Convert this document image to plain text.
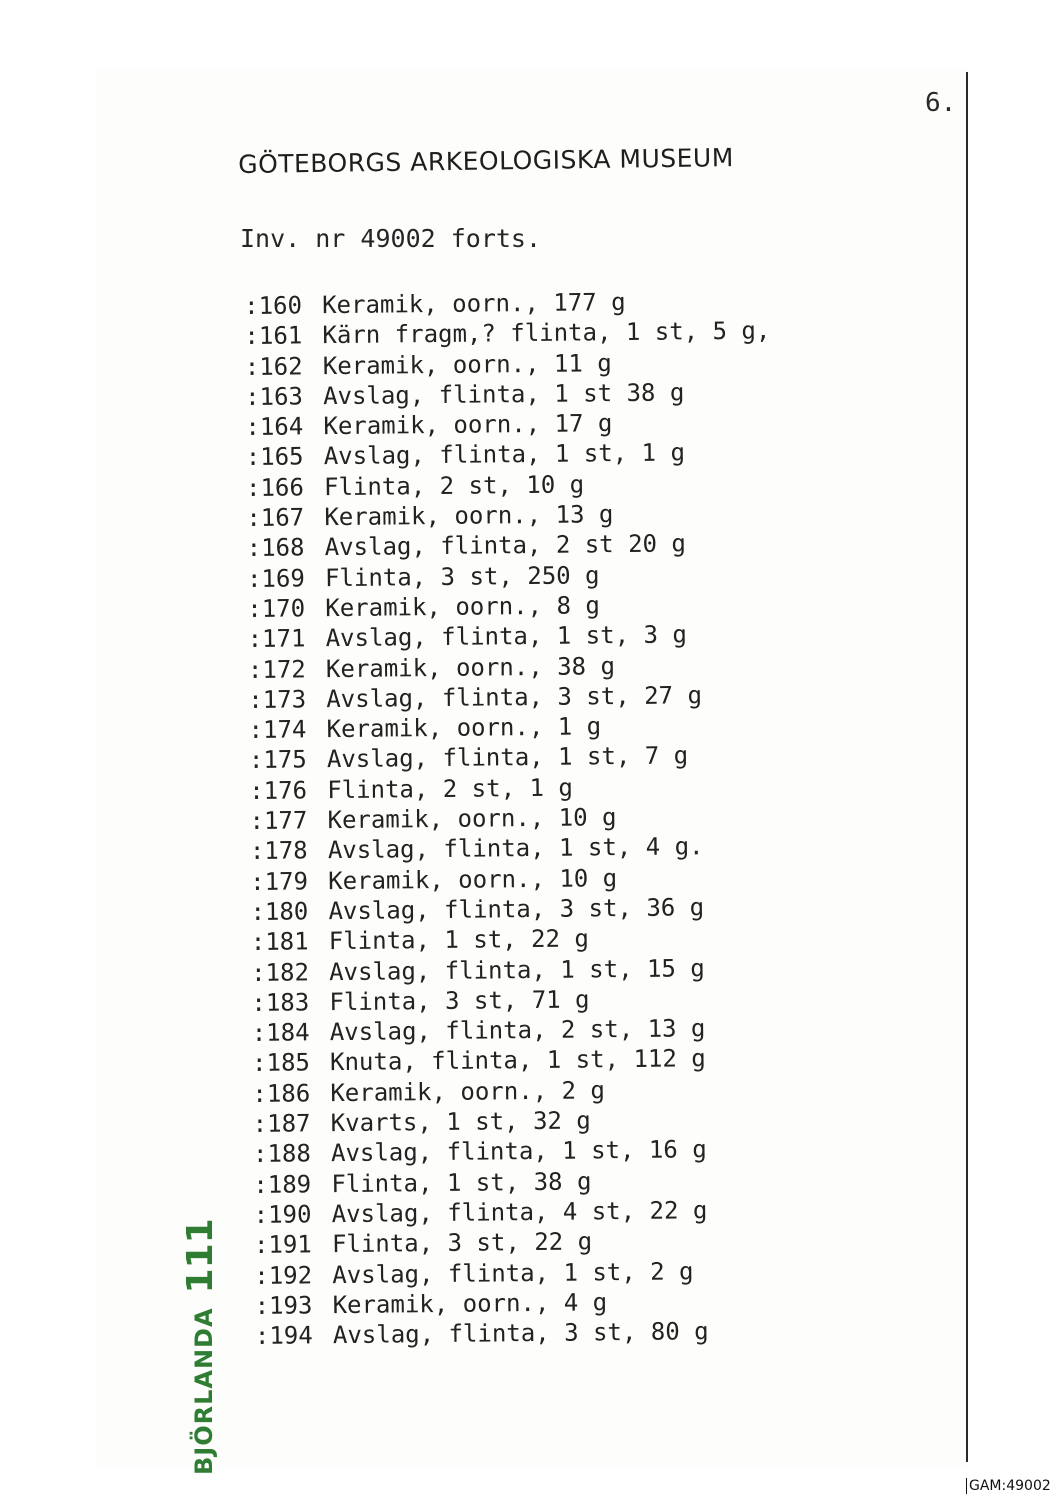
6.
GÖTEBORGS ARKEOLOGISKA MUSEUM
Inv. nr 49002 forts.
:160 Keramik, oorn., 177 g
:161 Kärn fragm,? flinta, 1 st, 5 g,
:162 Keramik, oorn., 11 g
:163 Avslag, flinta, 1 st 38 g
:164 Keramik, oorn., 17 g
:165 Avslag, flinta, 1 st, 1 g
:166 Flinta, 2 st, 10 g
:167 Keramik, oorn., 13 g
:168 Avslag, flinta, 2 st 20 g
:169 Flinta, 3 st, 250 g
:170 Keramik, oorn., 8 g
:171 Avslag, flinta, 1 st, 3 g
:172 Keramik, oorn., 38 g
:173 Avslag, flinta, 3 st, 27 g
:174 Keramik, oorn., 1 g
:175 Avslag, flinta, 1 st, 7 g
:176 Flinta, 2 st, 1 g
:177 Keramik, oorn., 10 g
:178 Avslag, flinta, 1 st, 4 g.
:179 Keramik, oorn., 10 g
:180 Avslag, flinta, 3 st, 36 g
:181 Flinta, 1 st, 22 g
:182 Avslag, flinta, 1 st, 15 g
:183 Flinta, 3 st, 71 g
:184 Avslag, flinta, 2 st, 13 g
:185 Knuta, flinta, 1 st, 112 g
:186 Keramik, oorn., 2 g
:187 Kvarts, 1 st, 32 g
:188 Avslag, flinta, 1 st, 16 g
:189 Flinta, 1 st, 38 g
:190 Avslag, flinta, 4 st, 22 g
:191 Flinta, 3 st, 22 g
:192 Avslag, flinta, 1 st, 2 g
:193 Keramik, oorn., 4 g
:194 Avslag, flinta, 3 st, 80 g
BJÖRLANDA111
GAM:49002
